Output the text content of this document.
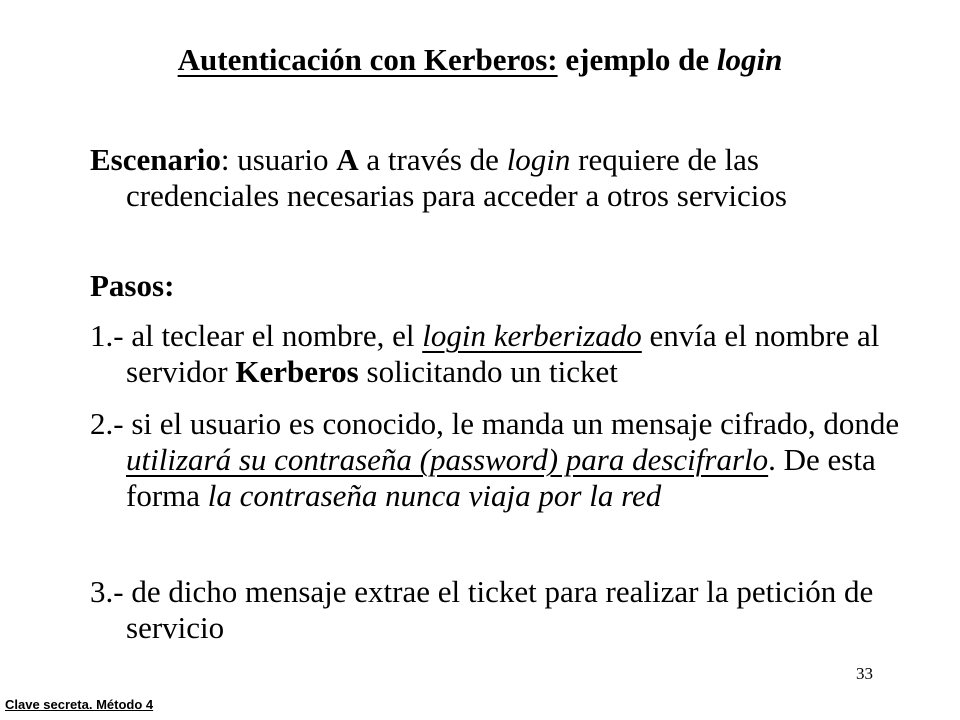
Autenticación con Kerberos: ejemplo de login
Escenario: usuario A a través de login requiere de las credenciales necesarias para acceder a otros servicios
Pasos:
1.- al teclear el nombre, el login kerberizado envía el nombre al servidor Kerberos solicitando un ticket
2.- si el usuario es conocido, le manda un mensaje cifrado, donde utilizará su contraseña (password) para descifrarlo. De esta forma la contraseña nunca viaja por la red
3.- de dicho mensaje extrae el ticket para realizar la petición de servicio
33
Clave secreta. Método 4
